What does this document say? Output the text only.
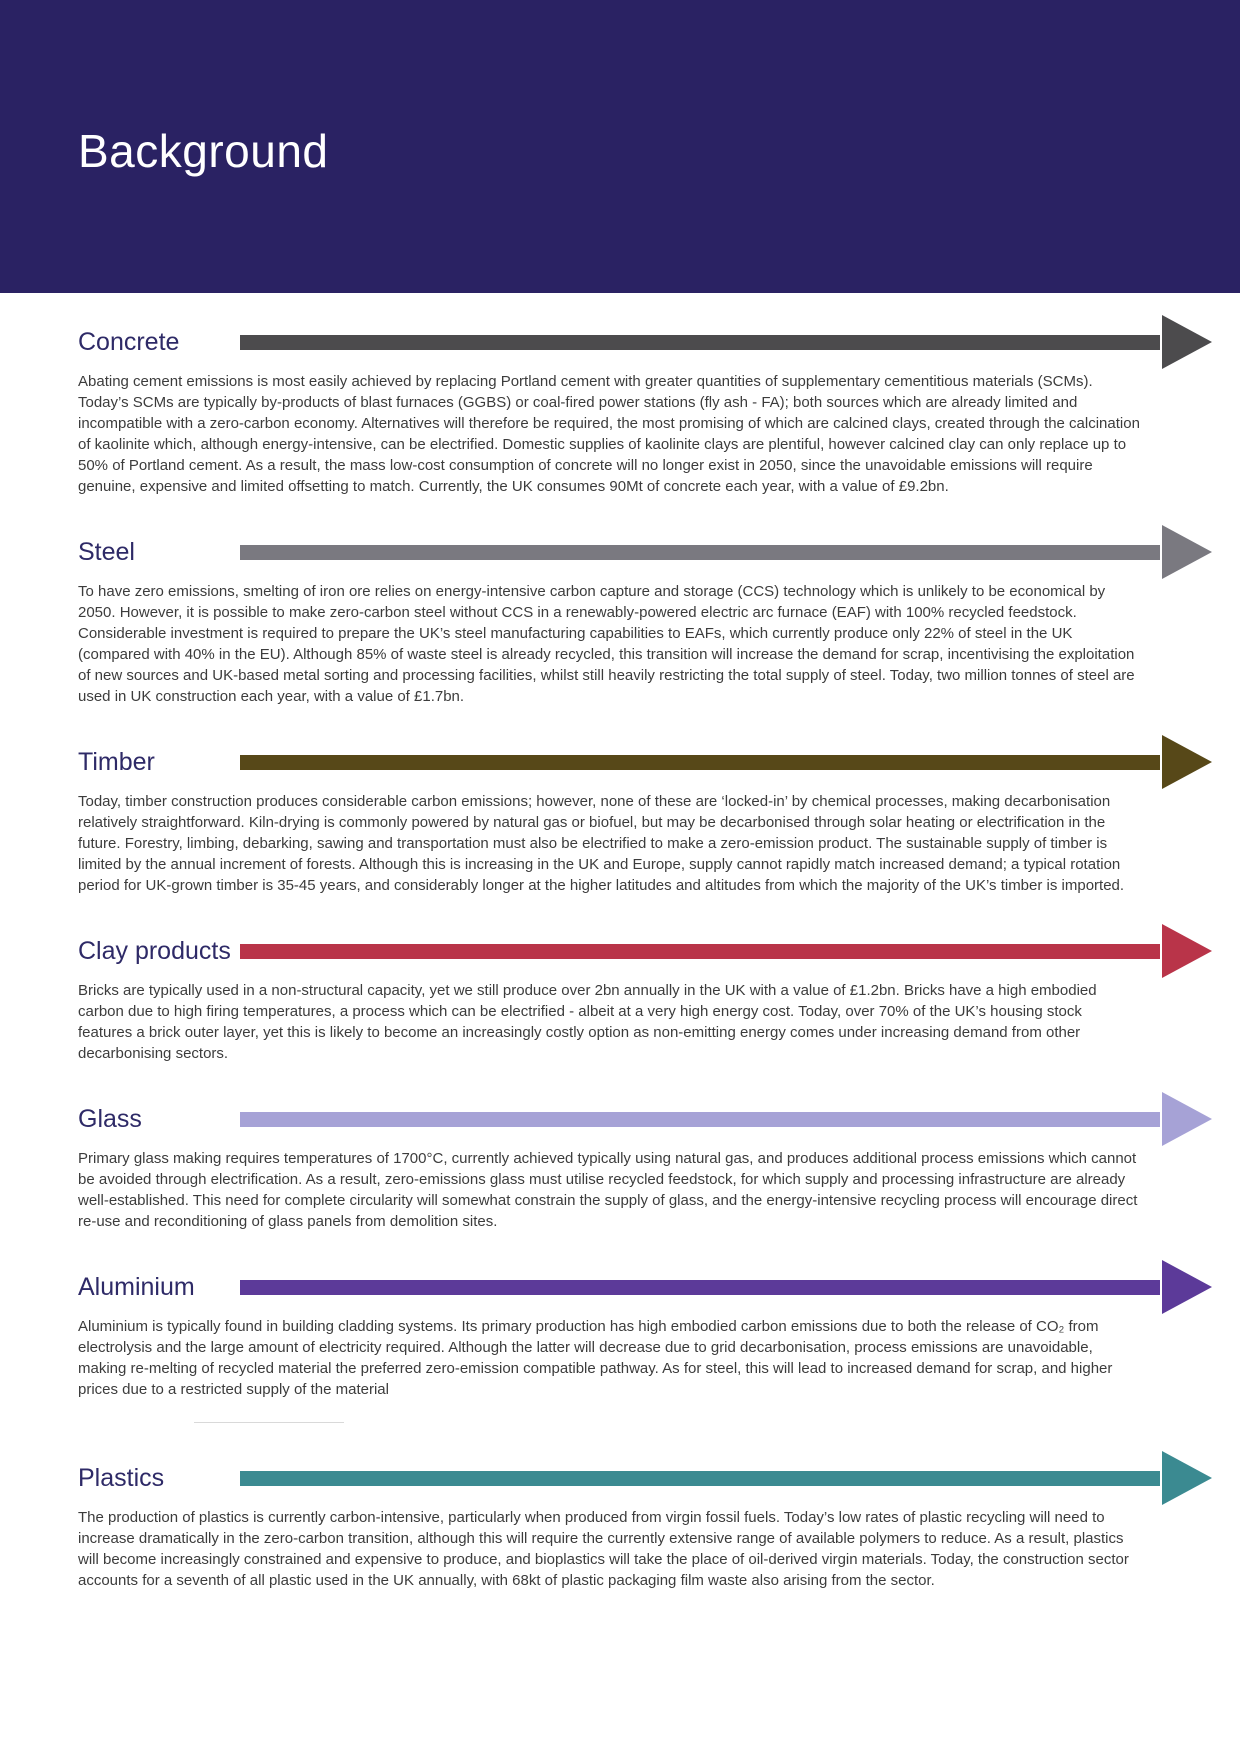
Background
Concrete

Abating cement emissions is most easily achieved by replacing Portland cement with greater quantities of supplementary cementitious materials (SCMs). Today’s SCMs are typically by-products of blast furnaces (GGBS) or coal-fired power stations (fly ash - FA); both sources which are already limited and incompatible with a zero-carbon economy. Alternatives will therefore be required, the most promising of which are calcined clays, created through the calcination of kaolinite which, although energy-intensive, can be electrified. Domestic supplies of kaolinite clays are plentiful, however calcined clay can only replace up to 50% of Portland cement. As a result, the mass low-cost consumption of concrete will no longer exist in 2050, since the unavoidable emissions will require genuine, expensive and limited offsetting to match. Currently, the UK consumes 90Mt of concrete each year, with a value of £9.2bn.

Steel

To have zero emissions, smelting of iron ore relies on energy-intensive carbon capture and storage (CCS) technology which is unlikely to be economical by 2050. However, it is possible to make zero-carbon steel without CCS in a renewably-powered electric arc furnace (EAF) with 100% recycled feedstock. Considerable investment is required to prepare the UK’s steel manufacturing capabilities to EAFs, which currently produce only 22% of steel in the UK (compared with 40% in the EU). Although 85% of waste steel is already recycled, this transition will increase the demand for scrap, incentivising the exploitation of new sources and UK-based metal sorting and processing facilities, whilst still heavily restricting the total supply of steel. Today, two million tonnes of steel are used in UK construction each year, with a value of £1.7bn.

Timber

Today, timber construction produces considerable carbon emissions; however, none of these are ‘locked-in’ by chemical processes, making decarbonisation relatively straightforward. Kiln-drying is commonly powered by natural gas or biofuel, but may be decarbonised through solar heating or electrification in the future. Forestry, limbing, debarking, sawing and transportation must also be electrified to make a zero-emission product. The sustainable supply of timber is limited by the annual increment of forests. Although this is increasing in the UK and Europe, supply cannot rapidly match increased demand; a typical rotation period for UK-grown timber is 35-45 years, and considerably longer at the higher latitudes and altitudes from which the majority of the UK’s timber is imported.

Clay products

Bricks are typically used in a non-structural capacity, yet we still produce over 2bn annually in the UK with a value of £1.2bn. Bricks have a high embodied carbon due to high firing temperatures, a process which can be electrified - albeit at a very high energy cost. Today, over 70% of the UK’s housing stock features a brick outer layer, yet this is likely to become an increasingly costly option as non-emitting energy comes under increasing demand from other decarbonising sectors.

Glass

Primary glass making requires temperatures of 1700°C, currently achieved typically using natural gas, and produces additional process emissions which cannot be avoided through electrification. As a result, zero-emissions glass must utilise recycled feedstock, for which supply and processing infrastructure are already well-established. This need for complete circularity will somewhat constrain the supply of glass, and the energy-intensive recycling process will encourage direct re-use and reconditioning of glass panels from demolition sites.

Aluminium

Aluminium is typically found in building cladding systems. Its primary production has high embodied carbon emissions due to both the release of CO₂ from electrolysis and the large amount of electricity required. Although the latter will decrease due to grid decarbonisation, process emissions are unavoidable, making re-melting of recycled material the preferred zero-emission compatible pathway. As for steel, this will lead to increased demand for scrap, and higher prices due to a restricted supply of the material

Plastics

The production of plastics is currently carbon-intensive, particularly when produced from virgin fossil fuels. Today’s low rates of plastic recycling will need to increase dramatically in the zero-carbon transition, although this will require the currently extensive range of available polymers to reduce. As a result, plastics will become increasingly constrained and expensive to produce, and bioplastics will take the place of oil-derived virgin materials. Today, the construction sector accounts for a seventh of all plastic used in the UK annually, with 68kt of plastic packaging film waste also arising from the sector.
